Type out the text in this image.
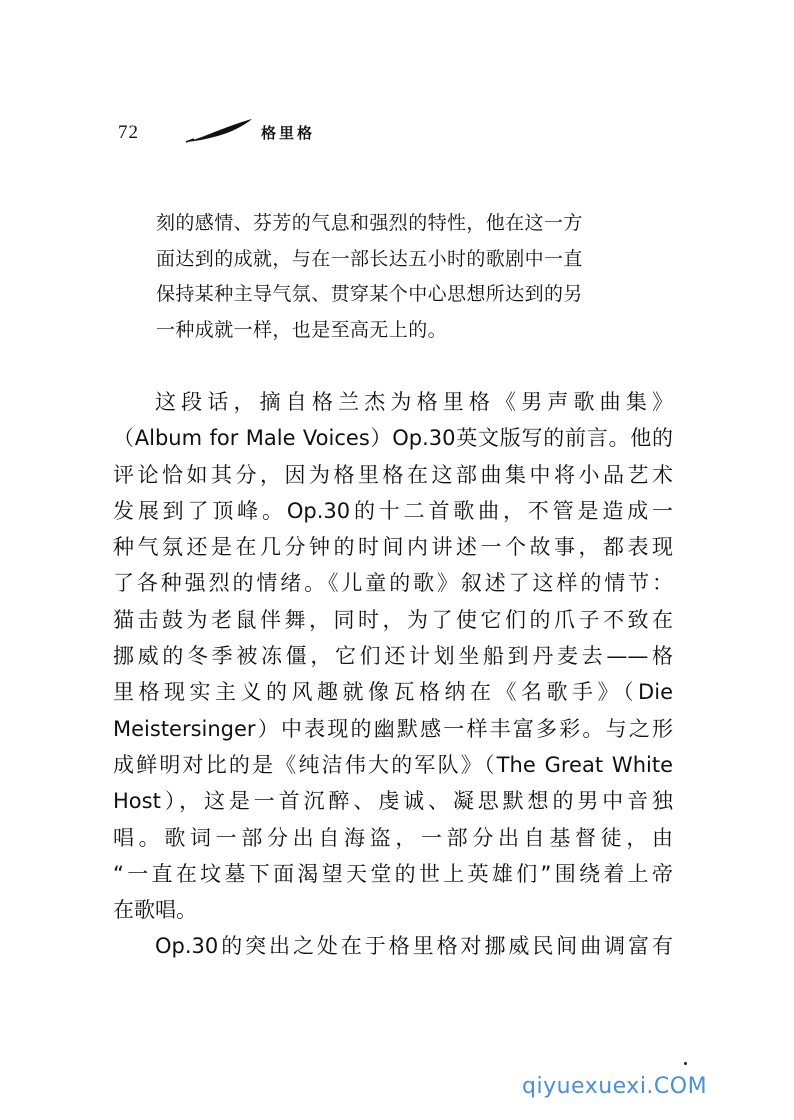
72	格里格
刻的感情、芬芳的气息和强烈的特性，他在这一方
面达到的成就，与在一部长达五小时的歌剧中一直
保持某种主导气氛、贯穿某个中心思想所达到的另
一种成就一样，也是至高无上的。
这段话，摘自格兰杰为格里格《男声歌曲集》
（Album for Male Voices）Op.30英文版写的前言。他的
评论恰如其分，因为格里格在这部曲集中将小品艺术
发展到了顶峰。Op.30的十二首歌曲，不管是造成一
种气氛还是在几分钟的时间内讲述一个故事，都表现
了各种强烈的情绪。《儿童的歌》叙述了这样的情节：
猫击鼓为老鼠伴舞，同时，为了使它们的爪子不致在
挪威的冬季被冻僵，它们还计划坐船到丹麦去——格
里格现实主义的风趣就像瓦格纳在《名歌手》（Die
Meistersinger）中表现的幽默感一样丰富多彩。与之形
成鲜明对比的是《纯洁伟大的军队》（The Great White
Host），这是一首沉醉、虔诚、凝思默想的男中音独
唱。歌词一部分出自海盗，一部分出自基督徒，由
“一直在坟墓下面渴望天堂的世上英雄们”围绕着上帝
在歌唱。
Op.30的突出之处在于格里格对挪威民间曲调富有
qiyuexuexi.COM
